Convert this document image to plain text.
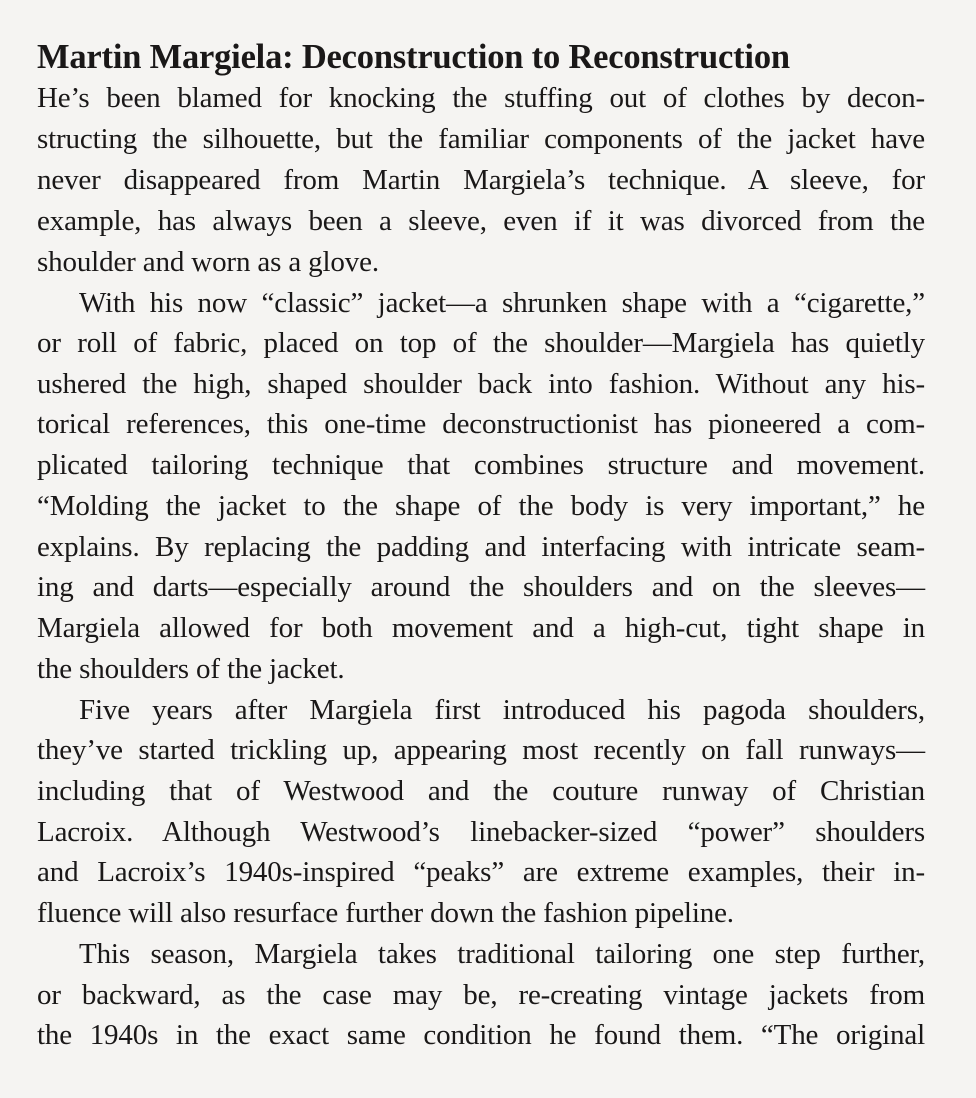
Martin Margiela: Deconstruction to Reconstruction

He’s been blamed for knocking the stuffing out of clothes by decon-

structing the silhouette, but the familiar components of the jacket have

never disappeared from Martin Margiela’s technique. A sleeve, for

example, has always been a sleeve, even if it was divorced from the

shoulder and worn as a glove.

With his now “classic” jacket—a shrunken shape with a “cigarette,”

or roll of fabric, placed on top of the shoulder—Margiela has quietly

ushered the high, shaped shoulder back into fashion. Without any his-

torical references, this one-time deconstructionist has pioneered a com-

plicated tailoring technique that combines structure and movement.

“Molding the jacket to the shape of the body is very important,” he

explains. By replacing the padding and interfacing with intricate seam-

ing and darts—especially around the shoulders and on the sleeves—

Margiela allowed for both movement and a high-cut, tight shape in

the shoulders of the jacket.

Five years after Margiela first introduced his pagoda shoulders,

they’ve started trickling up, appearing most recently on fall runways—

including that of Westwood and the couture runway of Christian

Lacroix. Although Westwood’s linebacker-sized “power” shoulders

and Lacroix’s 1940s-inspired “peaks” are extreme examples, their in-

fluence will also resurface further down the fashion pipeline.

This season, Margiela takes traditional tailoring one step further,

or backward, as the case may be, re-creating vintage jackets from

the 1940s in the exact same condition he found them. “The original
